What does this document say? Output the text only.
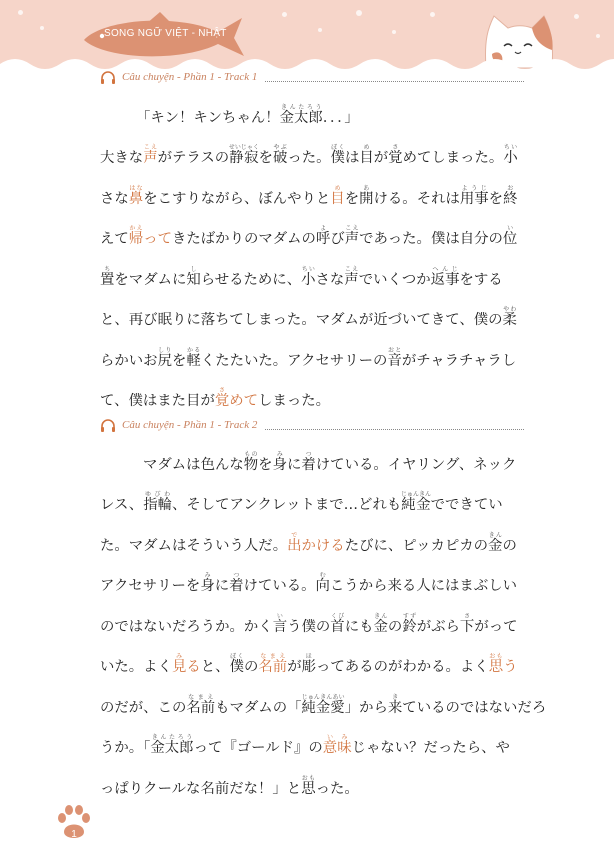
SONG NGỮ VIỆT - NHẬT
Câu chuyện - Phần 1 - Track 1
「キン！キンちゃん！金太郎きんたろう．．．」
大きな声こえがテラスの静寂せいじゃくを破やぶった。僕ぼくは目めが覚さめてしまった。小ちい
さな鼻はなをこすりながら、ぼんやりと目めを開あける。それは用事ようじを終お
えて帰かえってきたばかりのマダムの呼よび声こえであった。僕は自分の位い
置ちをマダムに知しらせるために、小ちいさな声こえでいくつか返事へんじをする
と、再び眠りに落ちてしまった。マダムが近づいてきて、僕の柔やわ
らかいお尻しりを軽かるくたたいた。アクセサリーの音おとがチャラチャラし
て、僕はまた目が覚さめてしまった。
Câu chuyện - Phần 1 - Track 2
マダムは色んな物ものを身みに着つけている。イヤリング、ネック
レス、指輪ゆびわ、そしてアンクレットまで…どれも純金じゅんきんでできてい
た。マダムはそういう人だ。出でかけるたびに、ピッカピカの金きんの
アクセサリーを身みに着つけている。向むこうから来る人にはまぶしい
のではないだろうか。かく言いう僕の首くびにも金きんの鈴すずがぶら下さがって
いた。よく見みると、僕ぼくの名前なまえが彫ほってあるのがわかる。よく思おもう
のだが、この名前なまえもマダムの「純金愛じゅんきんあい」から来きているのではないだろ
うか。「金太郎きんたろうって『ゴールド』の意味いみじゃない？だったら、や
っぱりクールな名前だな！」と思おもった。
1
